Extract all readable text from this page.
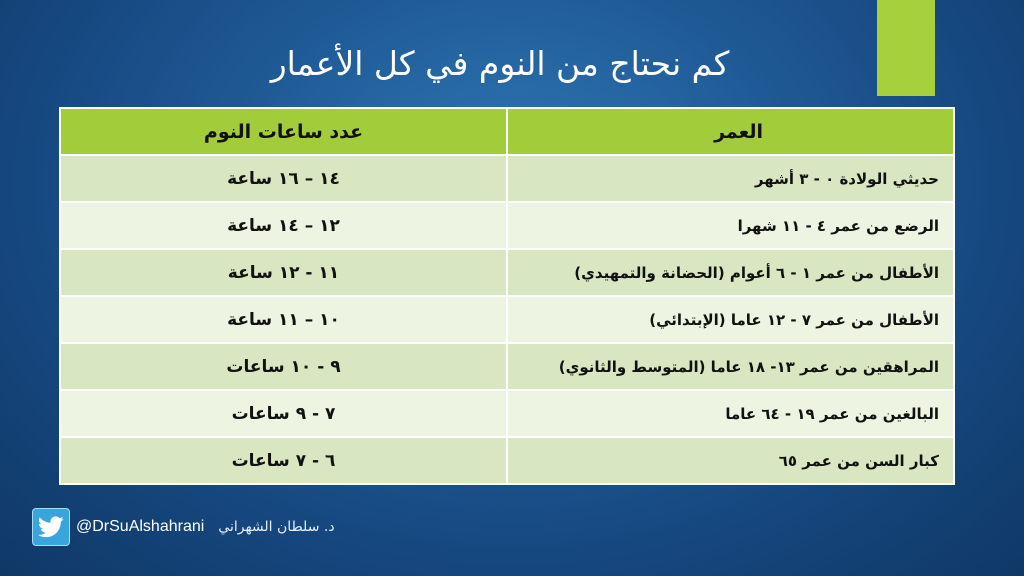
كم نحتاج من النوم في كل الأعمار
العمر	عدد ساعات النوم
حديثي الولادة ٠ - ٣ أشهر	١٤ – ١٦ ساعة
الرضع من عمر ٤ - ١١ شهرا	١٢ – ١٤ ساعة
الأطفال من عمر ١ - ٦ أعوام (الحضانة والتمهيدي)	١١ - ١٢ ساعة
الأطفال من عمر ٧ - ١٢ عاما (الإبتدائي)	١٠ – ١١ ساعة
المراهقين من عمر ١٣- ١٨ عاما (المتوسط والثانوي)	٩ - ١٠ ساعات
البالغين من عمر ١٩ - ٦٤ عاما	٧ - ٩ ساعات
كبار السن من عمر ٦٥	٦ - ٧ ساعات
@DrSuAlshahrani د. سلطان الشهراني
